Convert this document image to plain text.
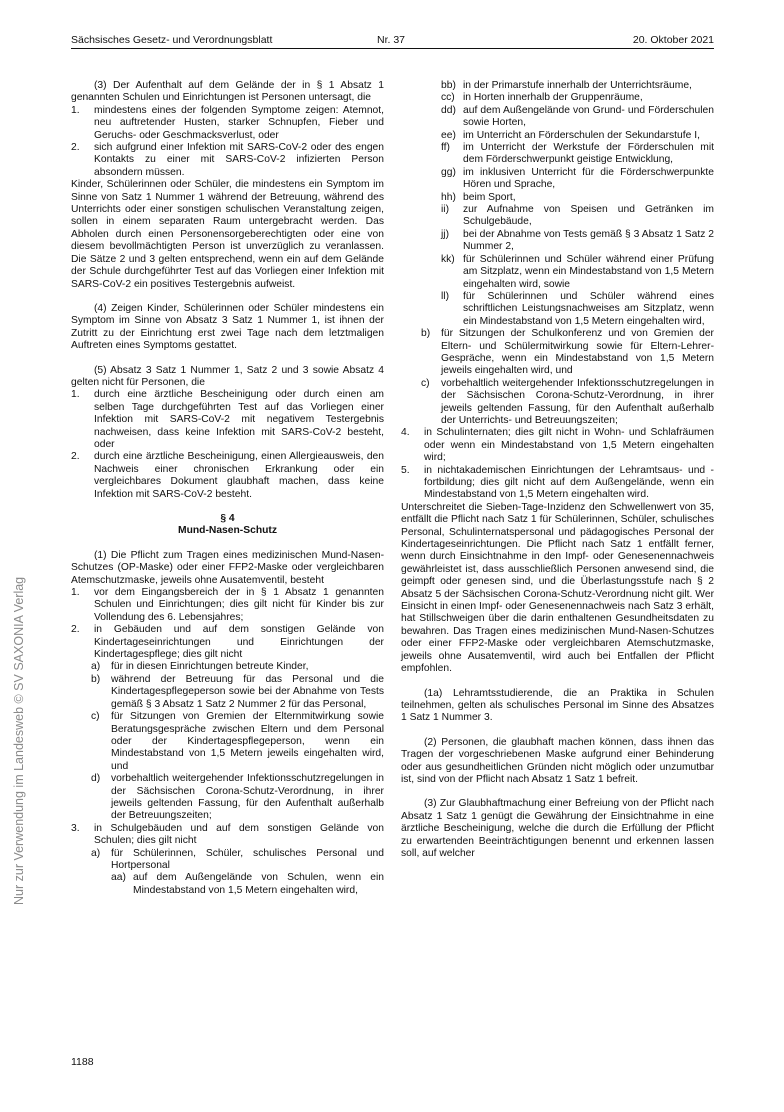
Sächsisches Gesetz- und Verordnungsblatt	Nr. 37	20. Oktober 2021
Nur zur Verwendung im Landesweb © SV SAXONIA Verlag

(3) Der Aufenthalt auf dem Gelände der in § 1 Absatz 1 genannten Schulen und Einrichtungen ist Personen untersagt, die

1. mindestens eines der folgenden Symptome zeigen: Atemnot, neu auftretender Husten, starker Schnupfen, Fieber und Geruchs- oder Geschmacksverlust, oder
2. sich aufgrund einer Infektion mit SARS-CoV-2 oder des engen Kontakts zu einer mit SARS-CoV-2 infizierten Person absondern müssen.

Kinder, Schülerinnen oder Schüler, die mindestens ein Symptom im Sinne von Satz 1 Nummer 1 während der Betreuung, während des Unterrichts oder einer sonstigen schulischen Veranstaltung zeigen, sollen in einem separaten Raum untergebracht werden. Das Abholen durch einen Personensorgeberechtigten oder eine von diesem bevollmächtigten Person ist unverzüglich zu veranlassen. Die Sätze 2 und 3 gelten entsprechend, wenn ein auf dem Gelände der Schule durchgeführter Test auf das Vorliegen einer Infektion mit SARS-CoV-2 ein positives Testergebnis aufweist.

(4) Zeigen Kinder, Schülerinnen oder Schüler mindestens ein Symptom im Sinne von Absatz 3 Satz 1 Nummer 1, ist ihnen der Zutritt zu der Einrichtung erst zwei Tage nach dem letztmaligen Auftreten eines Symptoms gestattet.

(5) Absatz 3 Satz 1 Nummer 1, Satz 2 und 3 sowie Absatz 4 gelten nicht für Personen, die

1. durch eine ärztliche Bescheinigung oder durch einen am selben Tage durchgeführten Test auf das Vorliegen einer Infektion mit SARS-CoV-2 mit negativem Testergebnis nachweisen, dass keine Infektion mit SARS-CoV-2 besteht, oder
2. durch eine ärztliche Bescheinigung, einen Allergieausweis, den Nachweis einer chronischen Erkrankung oder ein vergleichbares Dokument glaubhaft machen, dass keine Infektion mit SARS-CoV-2 besteht.

§ 4

Mund-Nasen-Schutz

(1) Die Pflicht zum Tragen eines medizinischen Mund-Nasen-Schutzes (OP-Maske) oder einer FFP2-Maske oder vergleichbaren Atemschutzmaske, jeweils ohne Ausatemventil, besteht

1. vor dem Eingangsbereich der in § 1 Absatz 1 genannten Schulen und Einrichtungen; dies gilt nicht für Kinder bis zur Vollendung des 6. Lebensjahres;
2. in Gebäuden und auf dem sonstigen Gelände von Kindertageseinrichtungen und Einrichtungen der Kindertagespflege; dies gilt nicht
a) für in diesen Einrichtungen betreute Kinder,
b) während der Betreuung für das Personal und die Kindertagespflegeperson sowie bei der Abnahme von Tests gemäß § 3 Absatz 1 Satz 2 Nummer 2 für das Personal,
c) für Sitzungen von Gremien der Elternmitwirkung sowie Beratungsgespräche zwischen Eltern und dem Personal oder der Kindertagespflegeperson, wenn ein Mindestabstand von 1,5 Metern jeweils eingehalten wird, und
d) vorbehaltlich weitergehender Infektionsschutzregelungen in der Sächsischen Corona-Schutz-Verordnung, in ihrer jeweils geltenden Fassung, für den Aufenthalt außerhalb der Betreuungszeiten;
3. in Schulgebäuden und auf dem sonstigen Gelände von Schulen; dies gilt nicht
a) für Schülerinnen, Schüler, schulisches Personal und Hortpersonal
aa) auf dem Außengelände von Schulen, wenn ein Mindestabstand von 1,5 Metern eingehalten wird,
bb) in der Primarstufe innerhalb der Unterrichtsräume,
cc) in Horten innerhalb der Gruppenräume,
dd) auf dem Außengelände von Grund- und Förderschulen sowie Horten,
ee) im Unterricht an Förderschulen der Sekundarstufe I,
ff) im Unterricht der Werkstufe der Förderschulen mit dem Förderschwerpunkt geistige Entwicklung,
gg) im inklusiven Unterricht für die Förderschwerpunkte Hören und Sprache,
hh) beim Sport,
ii) zur Aufnahme von Speisen und Getränken im Schulgebäude,
jj) bei der Abnahme von Tests gemäß § 3 Absatz 1 Satz 2 Nummer 2,
kk) für Schülerinnen und Schüler während einer Prüfung am Sitzplatz, wenn ein Mindestabstand von 1,5 Metern eingehalten wird, sowie
ll) für Schülerinnen und Schüler während eines schriftlichen Leistungsnachweises am Sitzplatz, wenn ein Mindestabstand von 1,5 Metern eingehalten wird,
b) für Sitzungen der Schulkonferenz und von Gremien der Eltern- und Schülermitwirkung sowie für Eltern-Lehrer-Gespräche, wenn ein Mindestabstand von 1,5 Metern jeweils eingehalten wird, und
c) vorbehaltlich weitergehender Infektionsschutzregelungen in der Sächsischen Corona-Schutz-Verordnung, in ihrer jeweils geltenden Fassung, für den Aufenthalt außerhalb der Unterrichts- und Betreuungszeiten;
4. in Schulinternaten; dies gilt nicht in Wohn- und Schlafräumen oder wenn ein Mindestabstand von 1,5 Metern eingehalten wird;
5. in nichtakademischen Einrichtungen der Lehramtsaus- und -fortbildung; dies gilt nicht auf dem Außengelände, wenn ein Mindestabstand von 1,5 Metern eingehalten wird.

Unterschreitet die Sieben-Tage-Inzidenz den Schwellenwert von 35, entfällt die Pflicht nach Satz 1 für Schülerinnen, Schüler, schulisches Personal, Schulinternatspersonal und pädagogisches Personal der Kindertageseinrichtungen. Die Pflicht nach Satz 1 entfällt ferner, wenn durch Einsichtnahme in den Impf- oder Genesenennachweis gewährleistet ist, dass ausschließlich Personen anwesend sind, die geimpft oder genesen sind, und die Überlastungsstufe nach § 2 Absatz 5 der Sächsischen Corona-Schutz-Verordnung nicht gilt. Wer Einsicht in einen Impf- oder Genesenennachweis nach Satz 3 erhält, hat Stillschweigen über die darin enthaltenen Gesundheitsdaten zu bewahren. Das Tragen eines medizinischen Mund-Nasen-Schutzes oder einer FFP2-Maske oder vergleichbaren Atemschutzmaske, jeweils ohne Ausatemventil, wird auch bei Entfallen der Pflicht empfohlen.

(1a) Lehramtsstudierende, die an Praktika in Schulen teilnehmen, gelten als schulisches Personal im Sinne des Absatzes 1 Satz 1 Nummer 3.

(2) Personen, die glaubhaft machen können, dass ihnen das Tragen der vorgeschriebenen Maske aufgrund einer Behinderung oder aus gesundheitlichen Gründen nicht möglich oder unzumutbar ist, sind von der Pflicht nach Absatz 1 Satz 1 befreit.

(3) Zur Glaubhaftmachung einer Befreiung von der Pflicht nach Absatz 1 Satz 1 genügt die Gewährung der Einsichtnahme in eine ärztliche Bescheinigung, welche die durch die Erfüllung der Pflicht zu erwartenden Beeinträchtigungen benennt und erkennen lassen soll, auf welcher

1188
